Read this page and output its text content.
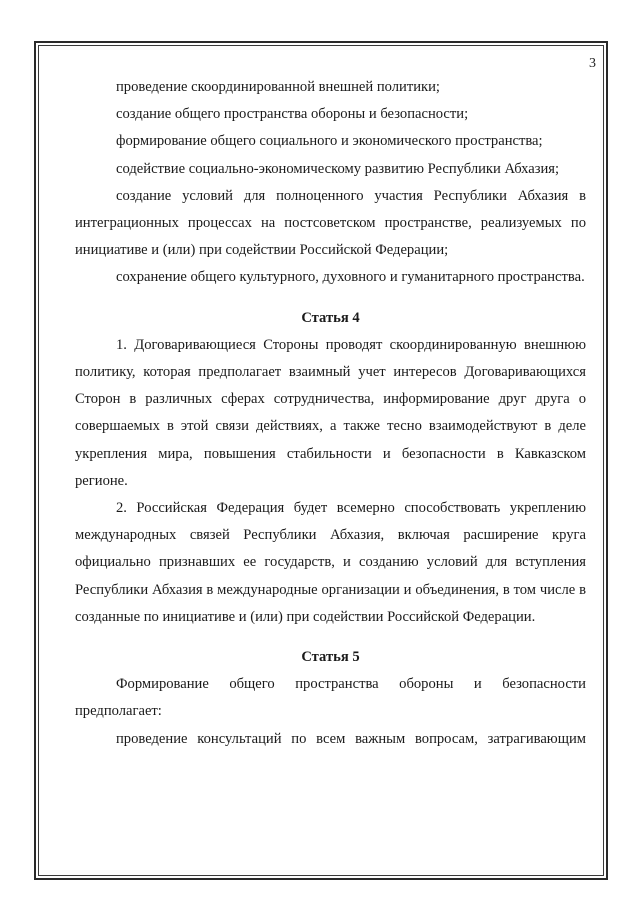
3

проведение скоординированной внешней политики;

создание общего пространства обороны и безопасности;

формирование общего социального и экономического пространства;

содействие социально-экономическому развитию Республики Абхазия;

создание условий для полноценного участия Республики Абхазия в интеграционных процессах на постсоветском пространстве, реализуемых по инициативе и (или) при содействии Российской Федерации;

сохранение общего культурного, духовного и гуманитарного пространства.

Статья 4

1. Договаривающиеся Стороны проводят скоординированную внешнюю политику, которая предполагает взаимный учет интересов Договаривающихся Сторон в различных сферах сотрудничества, информирование друг друга о совершаемых в этой связи действиях, а также тесно взаимодействуют в деле укрепления мира, повышения стабильности и безопасности в Кавказском регионе.

2. Российская Федерация будет всемерно способствовать укреплению международных связей Республики Абхазия, включая расширение круга официально признавших ее государств, и созданию условий для вступления Республики Абхазия в международные организации и объединения, в том числе в созданные по инициативе и (или) при содействии Российской Федерации.

Статья 5

Формирование общего пространства обороны и безопасности предполагает:

проведение консультаций по всем важным вопросам, затрагивающим
